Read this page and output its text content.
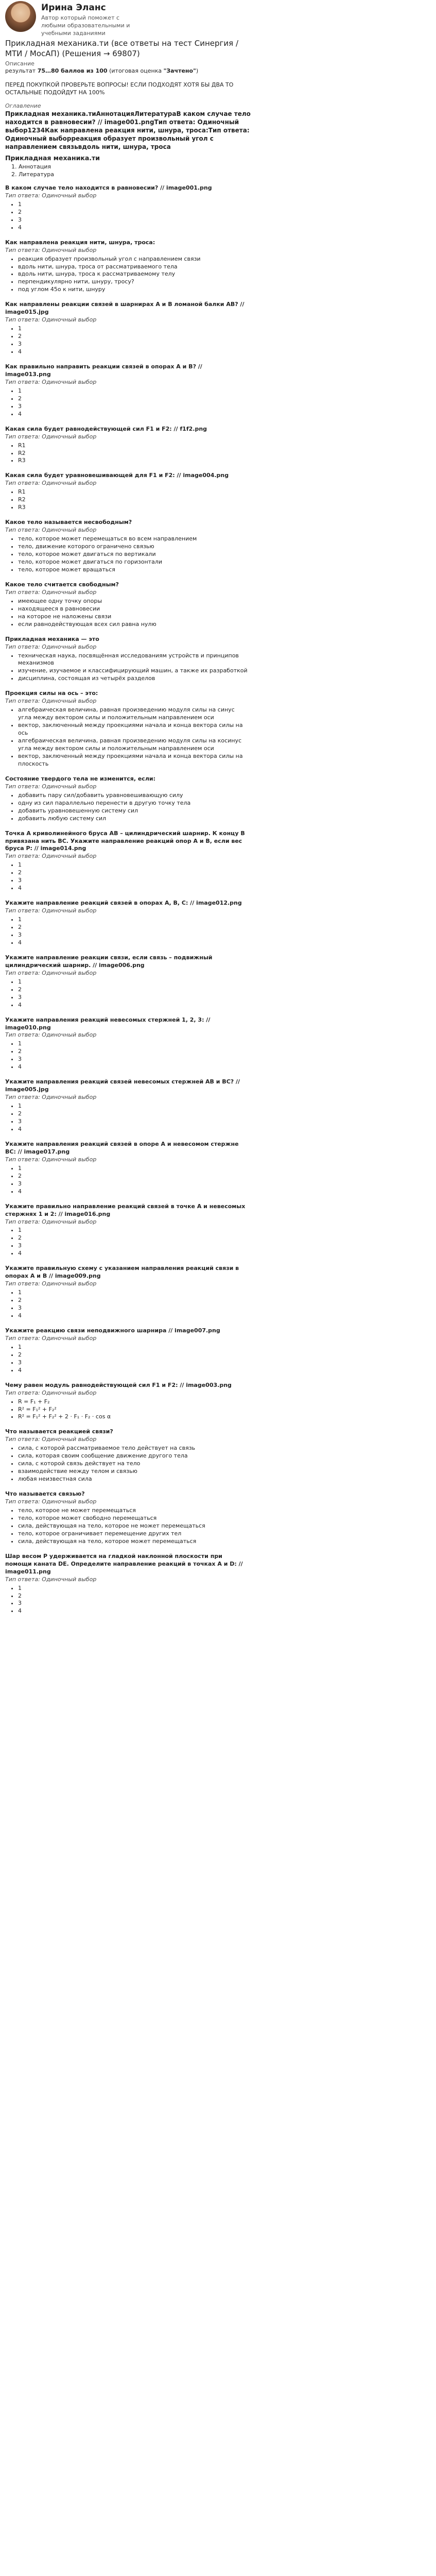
Ирина Эланс
Автор который поможет с любыми образовательными и учебными заданиями
Прикладная механика.ти (все ответы на тест Синергия / МТИ / МосАП) (Решения → 69807)

Описание

результат 75…80 баллов из 100 (итоговая оценка "Зачтено")

ПЕРЕД ПОКУПКОЙ ПРОВЕРЬТЕ ВОПРОСЫ! ЕСЛИ ПОДХОДЯТ ХОТЯ БЫ ДВА ТО ОСТАЛЬНЫЕ ПОДОЙДУТ НА 100%

Оглавление

Прикладная механика.тиАннотацияЛитератураВ каком случае тело находится в равновесии? // image001.pngТип ответа: Одиночный выбор1234Как направлена реакция нити, шнура, троса:Тип ответа: Одиночный выборреакция образует произвольный угол с направлением связьвдоль нити, шнура, троса

Прикладная механика.ти
1. Аннотация
2. Литература

В каком случае тело находится в равновесии? // image001.png

Тип ответа: Одиночный выбор

• 1
• 2
• 3
• 4

Как направлена реакция нити, шнура, троса:

Тип ответа: Одиночный выбор

• реакция образует произвольный угол с направлением связи
• вдоль нити, шнура, троса от рассматриваемого тела
• вдоль нити, шнура, троса к рассматриваемому телу
• перпендикулярно нити, шнуру, тросу?
• под углом 45о к нити, шнуру

Как направлены реакции связей в шарнирах А и В ломаной балки АВ? // image015.jpg

Тип ответа: Одиночный выбор

• 1
• 2
• 3
• 4

Как правильно направить реакции связей в опорах А и В? // image013.png

Тип ответа: Одиночный выбор

• 1
• 2
• 3
• 4

Какая сила будет равнодействующей сил F1 и F2: // f1f2.png

Тип ответа: Одиночный выбор

• R1
• R2
• R3

Какая сила будет уравновешивающей для F1 и F2: // image004.png

Тип ответа: Одиночный выбор

• R1
• R2
• R3

Какое тело называется несвободным?

Тип ответа: Одиночный выбор

• тело, которое может перемещаться во всем направлением
• тело, движение которого ограничено связью
• тело, которое может двигаться по вертикали
• тело, которое может двигаться по горизонтали
• тело, которое может вращаться

Какое тело считается свободным?

Тип ответа: Одиночный выбор

• имеющее одну точку опоры
• находящееся в равновесии
• на которое не наложены связи
• если равнодействующая всех сил равна нулю

Прикладная механика — это

Тип ответа: Одиночный выбор

• техническая наука, посвящённая исследованиям устройств и принципов механизмов
• изучение, изучаемое и классифицирующий машин, а также их разработкой
• дисциплина, состоящая из четырёх разделов

Проекция силы на ось – это:

Тип ответа: Одиночный выбор

• алгебраическая величина, равная произведению модуля силы на синус угла между вектором силы и положительным направлением оси
• вектор, заключенный между проекциями начала и конца вектора силы на ось
• алгебраическая величина, равная произведению модуля силы на косинус угла между вектором силы и положительным направлением оси
• вектор, заключенный между проекциями начала и конца вектора силы на плоскость

Состояние твердого тела не изменится, если:

Тип ответа: Одиночный выбор

• добавить пару сил/добавить уравновешивающую силу
• одну из сил параллельно перенести в другую точку тела
• добавить уравновешенную систему сил
• добавить любую систему сил

Точка А криволинейного бруса АВ – цилиндрический шарнир. К концу В привязана нить ВС. Укажите направление реакций опор А и В, если вес бруса Р: // image014.png

Тип ответа: Одиночный выбор

• 1
• 2
• 3
• 4

Укажите направление реакций связей в опорах А, В, С: // image012.png

Тип ответа: Одиночный выбор

• 1
• 2
• 3
• 4

Укажите направление реакции связи, если связь – подвижный цилиндрический шарнир. // image006.png

Тип ответа: Одиночный выбор

• 1
• 2
• 3
• 4

Укажите направления реакций невесомых стержней 1, 2, 3: // image010.png

Тип ответа: Одиночный выбор

• 1
• 2
• 3
• 4

Укажите направления реакций связей невесомых стержней АВ и ВС? // image005.jpg

Тип ответа: Одиночный выбор

• 1
• 2
• 3
• 4

Укажите направления реакций связей в опоре А и невесомом стержне ВС: // image017.png

Тип ответа: Одиночный выбор

• 1
• 2
• 3
• 4

Укажите правильно направление реакций связей в точке А и невесомых стержнях 1 и 2: // image016.png

Тип ответа: Одиночный выбор

• 1
• 2
• 3
• 4

Укажите правильную схему с указанием направления реакций связи в опорах А и В // image009.png

Тип ответа: Одиночный выбор

• 1
• 2
• 3
• 4

Укажите реакцию связи неподвижного шарнира // image007.png

Тип ответа: Одиночный выбор

• 1
• 2
• 3
• 4

Чему равен модуль равнодействующей сил F1 и F2: // image003.png

Тип ответа: Одиночный выбор

• R = F₁ + F₂
• R² = F₁² + F₂²
• R² = F₁² + F₂² + 2 · F₁ · F₂ · cos α

Что называется реакцией связи?

Тип ответа: Одиночный выбор

• сила, с которой рассматриваемое тело действует на связь
• сила, которая своим сообщение движение другого тела
• сила, с которой связь действует на тело
• взаимодействие между телом и связью
• любая неизвестная сила

Что называется связью?

Тип ответа: Одиночный выбор

• тело, которое не может перемещаться
• тело, которое может свободно перемещаться
• сила, действующая на тело, которое не может перемещаться
• тело, которое ограничивает перемещение других тел
• сила, действующая на тело, которое может перемещаться

Шар весом Р удерживается на гладкой наклонной плоскости при помощи каната DE. Определите направление реакций в точках А и D: // image011.png

Тип ответа: Одиночный выбор

• 1
• 2
• 3
• 4
